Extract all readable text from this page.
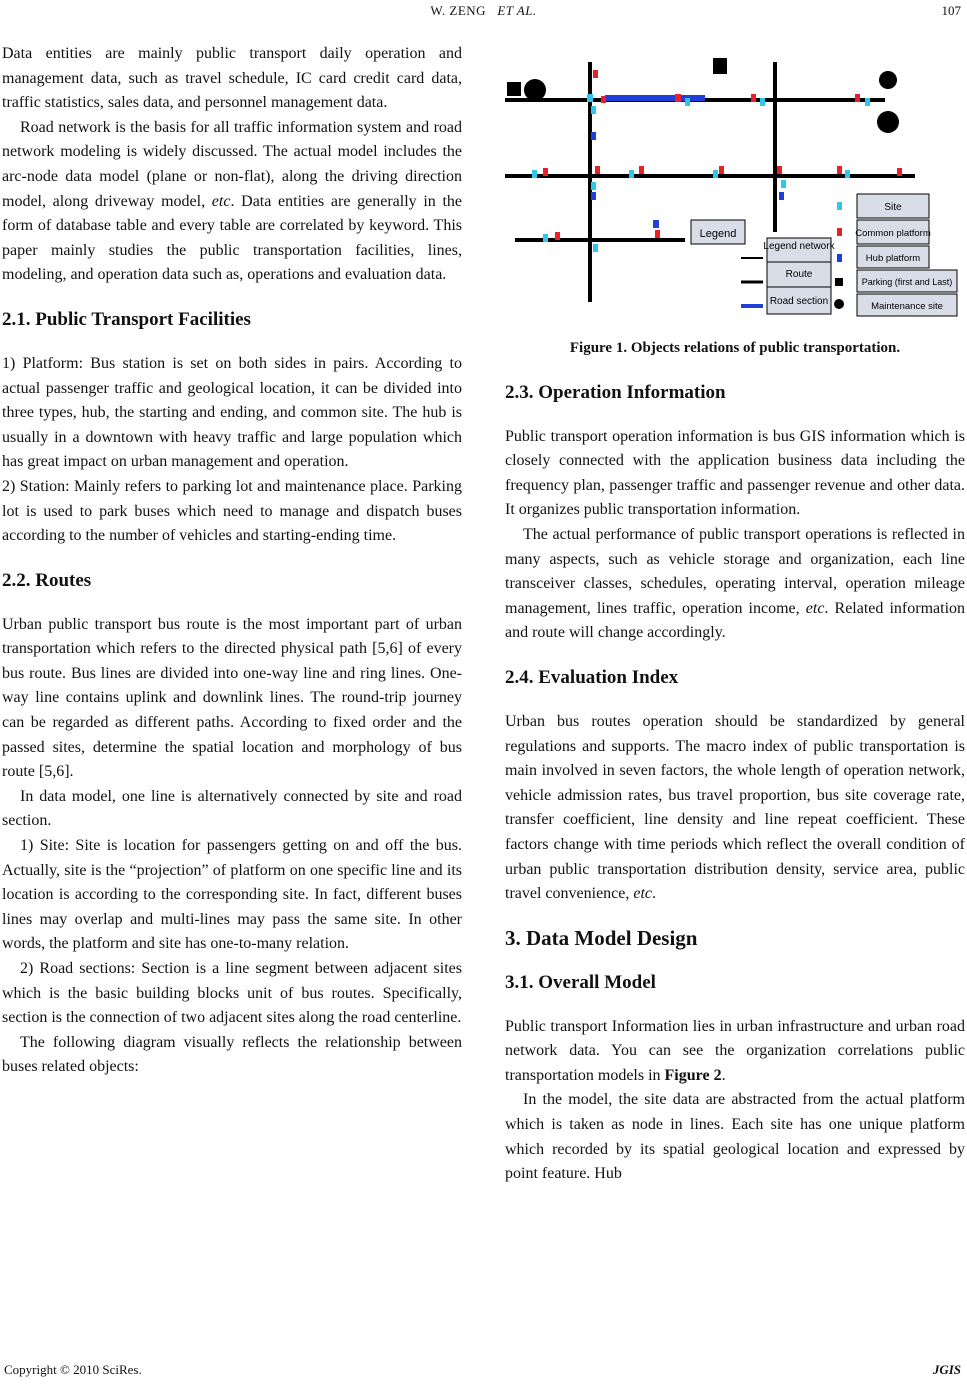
W. ZENG ET AL.	107

Data entities are mainly public transport daily operation and management data, such as travel schedule, IC card credit card data, traffic statistics, sales data, and personnel management data.

Road network is the basis for all traffic information system and road network modeling is widely discussed. The actual model includes the arc-node data model (plane or non-flat), along the driving direction model, along driveway model, etc. Data entities are generally in the form of database table and every table are correlated by keyword. This paper mainly studies the public transportation facilities, lines, modeling, and operation data such as, operations and evaluation data.

2.1. Public Transport Facilities

1) Platform: Bus station is set on both sides in pairs. According to actual passenger traffic and geological location, it can be divided into three types, hub, the starting and ending, and common site. The hub is usually in a downtown with heavy traffic and large population which has great impact on urban management and operation.

2) Station: Mainly refers to parking lot and maintenance place. Parking lot is used to park buses which need to manage and dispatch buses according to the number of vehicles and starting-ending time.

2.2. Routes

Urban public transport bus route is the most important part of urban transportation which refers to the directed physical path [5,6] of every bus route. Bus lines are divided into one-way line and ring lines. One-way line contains uplink and downlink lines. The round-trip journey can be regarded as different paths. According to fixed order and the passed sites, determine the spatial location and morphology of bus route [5,6].

In data model, one line is alternatively connected by site and road section.

1) Site: Site is location for passengers getting on and off the bus. Actually, site is the “projection” of platform on one specific line and its location is according to the corresponding site. In fact, different buses lines may overlap and multi-lines may pass the same site. In other words, the platform and site has one-to-many relation.

2) Road sections: Section is a line segment between adjacent sites which is the basic building blocks unit of bus routes. Specifically, section is the connection of two adjacent sites along the road centerline.

The following diagram visually reflects the relationship between buses related objects:

Legend
Legend network
Route
Road section
Site
Common platform
Hub platform
Parking (first and Last)
Maintenance site
Figure 1. Objects relations of public transportation.
2.3. Operation Information

Public transport operation information is bus GIS information which is closely connected with the application business data including the frequency plan, passenger traffic and passenger revenue and other data. It organizes public transportation information.

The actual performance of public transport operations is reflected in many aspects, such as vehicle storage and organization, each line transceiver classes, schedules, operating interval, operation mileage management, lines traffic, operation income, etc. Related information and route will change accordingly.

2.4. Evaluation Index

Urban bus routes operation should be standardized by general regulations and supports. The macro index of public transportation is main involved in seven factors, the whole length of operation network, vehicle admission rates, bus travel proportion, bus site coverage rate, transfer coefficient, line density and line repeat coefficient. These factors change with time periods which reflect the overall condition of urban public transportation distribution density, service area, public travel convenience, etc.

3. Data Model Design
3.1. Overall Model

Public transport Information lies in urban infrastructure and urban road network data. You can see the organization correlations public transportation models in Figure 2.

In the model, the site data are abstracted from the actual platform which is taken as node in lines. Each site has one unique platform which recorded by its spatial geological location and expressed by point feature. Hub

Copyright © 2010 SciRes.	JGIS
